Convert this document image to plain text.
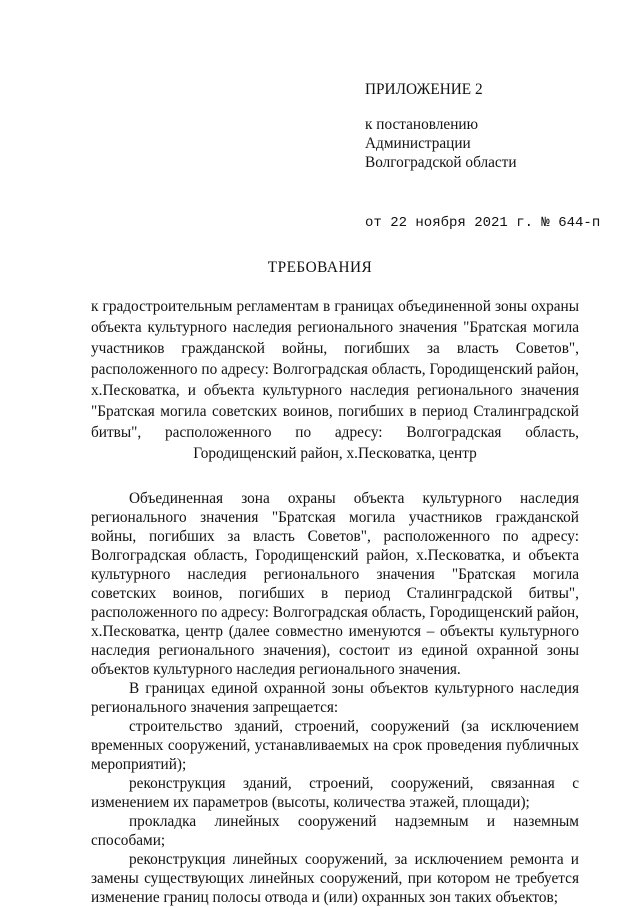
ПРИЛОЖЕНИЕ 2
к постановлению
Администрации
Волгоградской области
от 22 ноября 2021 г. № 644-п
ТРЕБОВАНИЯ
к градостроительным регламентам в границах объединенной зоны охраны объекта культурного наследия регионального значения "Братская могила участников гражданской войны, погибших за власть Советов", расположенного по адресу: Волгоградская область, Городищенский район, х.Песковатка, и объекта культурного наследия регионального значения "Братская могила советских воинов, погибших в период Сталинградской битвы", расположенного по адресу: Волгоградская область, Городищенский район, х.Песковатка, центр

Объединенная зона охраны объекта культурного наследия регионального значения "Братская могила участников гражданской войны, погибших за власть Советов", расположенного по адресу: Волгоградская область, Городищенский район, х.Песковатка, и объекта культурного наследия регионального значения "Братская могила советских воинов, погибших в период Сталинградской битвы", расположенного по адресу: Волгоградская область, Городищенский район, х.Песковатка, центр (далее совместно именуются – объекты культурного наследия регионального значения), состоит из единой охранной зоны объектов культурного наследия регионального значения.

В границах единой охранной зоны объектов культурного наследия регионального значения запрещается:

строительство зданий, строений, сооружений (за исключением временных сооружений, устанавливаемых на срок проведения публичных мероприятий);

реконструкция зданий, строений, сооружений, связанная с изменением их параметров (высоты, количества этажей, площади);

прокладка линейных сооружений надземным и наземным способами;

реконструкция линейных сооружений, за исключением ремонта и замены существующих линейных сооружений, при котором не требуется изменение границ полосы отвода и (или) охранных зон таких объектов;
